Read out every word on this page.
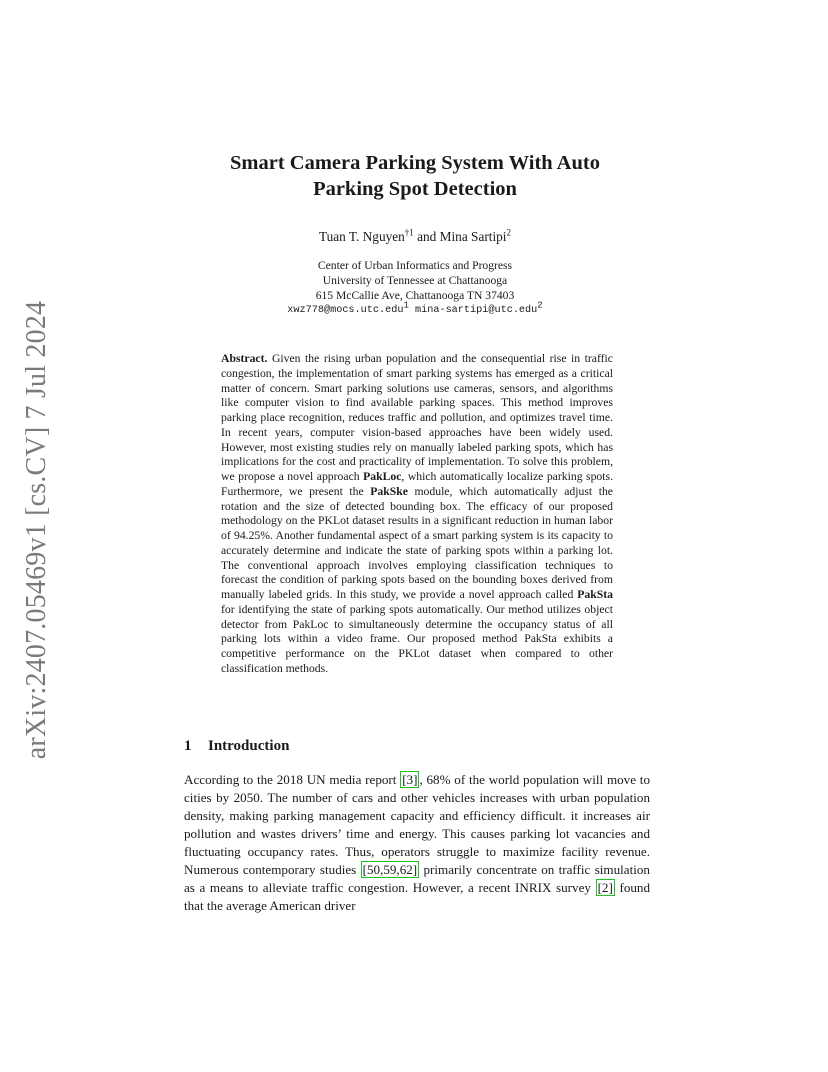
arXiv:2407.05469v1 [cs.CV] 7 Jul 2024
Smart Camera Parking System With Auto
Parking Spot Detection
Tuan T. Nguyen$^{\dagger 1}$ and Mina Sartipi$^2$
Center of Urban Informatics and Progress
University of Tennessee at Chattanooga
615 McCallie Ave, Chattanooga TN 37403
xwz778@mocs.utc.edu$^1$ mina-sartipi@utc.edu$^2$
Abstract. Given the rising urban population and the consequential rise in traffic congestion, the implementation of smart parking systems has emerged as a critical matter of concern. Smart parking solutions use cameras, sensors, and algorithms like computer vision to find available parking spaces. This method improves parking place recognition, reduces traffic and pollution, and optimizes travel time. In recent years, computer vision-based approaches have been widely used. However, most existing studies rely on manually labeled parking spots, which has implications for the cost and practicality of implementation. To solve this problem, we propose a novel approach PakLoc, which automatically localize parking spots. Furthermore, we present the PakSke module, which automatically adjust the rotation and the size of detected bounding box. The efficacy of our proposed methodology on the PKLot dataset results in a significant reduction in human labor of 94.25%. Another fundamental aspect of a smart parking system is its capacity to accurately determine and indicate the state of parking spots within a parking lot. The conventional approach involves employing classification techniques to forecast the condition of parking spots based on the bounding boxes derived from manually labeled grids. In this study, we provide a novel approach called PakSta for identifying the state of parking spots automatically. Our method utilizes object detector from PakLoc to simultaneously determine the occupancy status of all parking lots within a video frame. Our proposed method PakSta exhibits a competitive performance on the PKLot dataset when compared to other classification methods.
1 Introduction

According to the 2018 UN media report [3] , 68% of the world population will move to cities by 2050. The number of cars and other vehicles increases with urban population density, making parking management capacity and efficiency difficult. it increases air pollution and wastes drivers’ time and energy. This causes parking lot vacancies and fluctuating occupancy rates. Thus, operators struggle to maximize facility revenue. Numerous contemporary studies [50,59,62] primarily concentrate on traffic simulation as a means to alleviate traffic congestion. However, a recent INRIX survey [2] found that the average American driver
